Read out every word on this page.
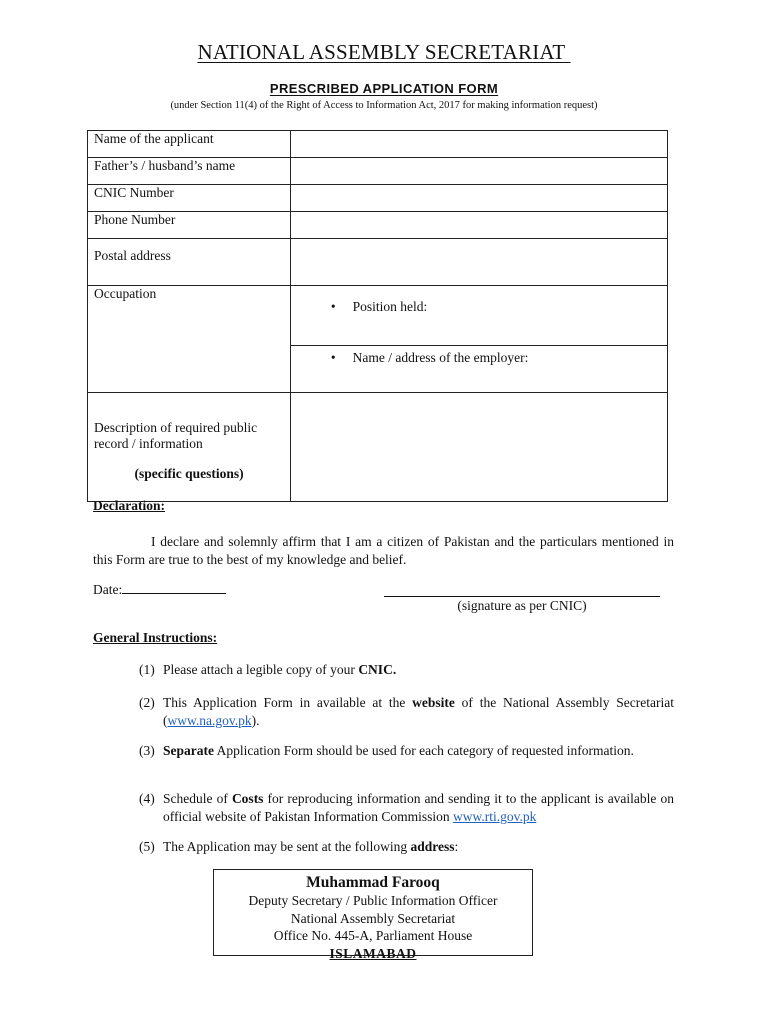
NATIONAL ASSEMBLY SECRETARIAT
PRESCRIBED APPLICATION FORM
(under Section 11(4) of the Right of Access to Information Act, 2017 for making information request)
Name of the applicant	
Father’s / husband’s name	
CNIC Number	
Phone Number	
Postal address	
Occupation	• Position held:
	• Name / address of the employer:
Description of required public record / information
(specific questions)	

Declaration:
I declare and solemnly affirm that I am a citizen of Pakistan and the particulars mentioned in this Form are true to the best of my knowledge and belief.
Date:
(signature as per CNIC)
General Instructions:
(1) Please attach a legible copy of your CNIC.
(2) This Application Form in available at the website of the National Assembly Secretariat (www.na.gov.pk).
(3) Separate Application Form should be used for each category of requested information.
(4) Schedule of Costs for reproducing information and sending it to the applicant is available on official website of Pakistan Information Commission www.rti.gov.pk
(5) The Application may be sent at the following address:
Muhammad Farooq
Deputy Secretary / Public Information Officer
National Assembly Secretariat
Office No. 445-A, Parliament House
ISLAMABAD
